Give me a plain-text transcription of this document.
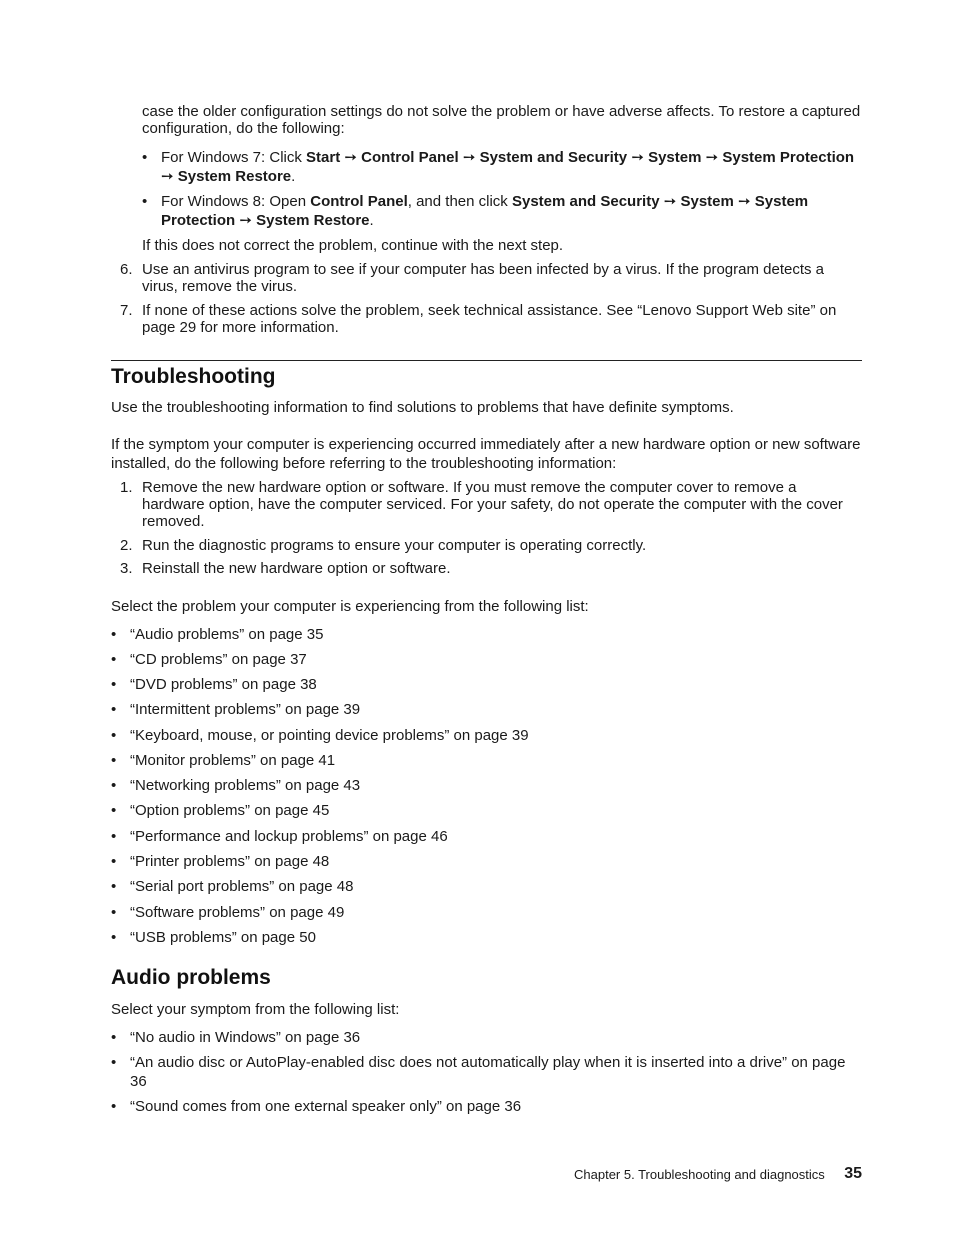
case the older configuration settings do not solve the problem or have adverse affects. To restore a captured configuration, do the following:
• For Windows 7: Click Start ➙ Control Panel ➙ System and Security ➙ System ➙ System Protection ➙ System Restore.
• For Windows 8: Open Control Panel, and then click System and Security ➙ System ➙ System Protection ➙ System Restore.
If this does not correct the problem, continue with the next step.
6. Use an antivirus program to see if your computer has been infected by a virus. If the program detects a virus, remove the virus.
7. If none of these actions solve the problem, seek technical assistance. See “Lenovo Support Web site” on page 29 for more information.
Troubleshooting
Use the troubleshooting information to find solutions to problems that have definite symptoms.
If the symptom your computer is experiencing occurred immediately after a new hardware option or new software installed, do the following before referring to the troubleshooting information:
1. Remove the new hardware option or software. If you must remove the computer cover to remove a hardware option, have the computer serviced. For your safety, do not operate the computer with the cover removed.
2. Run the diagnostic programs to ensure your computer is operating correctly.
3. Reinstall the new hardware option or software.
Select the problem your computer is experiencing from the following list:
• “Audio problems” on page 35
• “CD problems” on page 37
• “DVD problems” on page 38
• “Intermittent problems” on page 39
• “Keyboard, mouse, or pointing device problems” on page 39
• “Monitor problems” on page 41
• “Networking problems” on page 43
• “Option problems” on page 45
• “Performance and lockup problems” on page 46
• “Printer problems” on page 48
• “Serial port problems” on page 48
• “Software problems” on page 49
• “USB problems” on page 50
Audio problems
Select your symptom from the following list:
• “No audio in Windows” on page 36
• “An audio disc or AutoPlay-enabled disc does not automatically play when it is inserted into a drive” on page 36
• “Sound comes from one external speaker only” on page 36
Chapter 5. Troubleshooting and diagnostics 35
